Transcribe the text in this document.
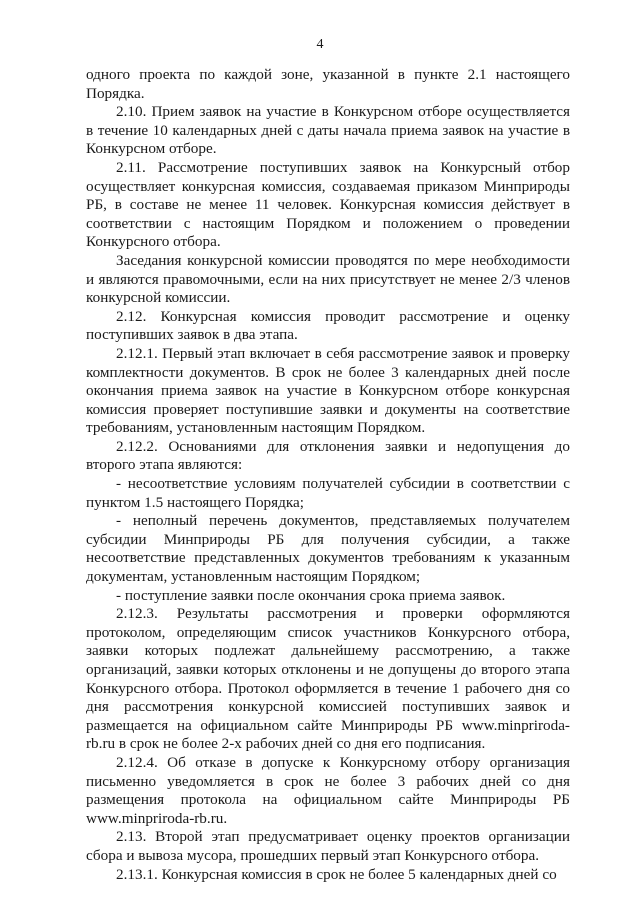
4

одного проекта по каждой зоне, указанной в пункте 2.1 настоящего Порядка.

2.10. Прием заявок на участие в Конкурсном отборе осуществляется в течение 10 календарных дней с даты начала приема заявок на участие в Конкурсном отборе.

2.11. Рассмотрение поступивших заявок на Конкурсный отбор осуществляет конкурсная комиссия, создаваемая приказом Минприроды РБ, в составе не менее 11 человек. Конкурсная комиссия действует в соответствии с настоящим Порядком и положением о проведении Конкурсного отбора.

Заседания конкурсной комиссии проводятся по мере необходимости и являются правомочными, если на них присутствует не менее 2/3 членов конкурсной комиссии.

2.12. Конкурсная комиссия проводит рассмотрение и оценку поступивших заявок в два этапа.

2.12.1. Первый этап включает в себя рассмотрение заявок и проверку комплектности документов. В срок не более 3 календарных дней после окончания приема заявок на участие в Конкурсном отборе конкурсная комиссия проверяет поступившие заявки и документы на соответствие требованиям, установленным настоящим Порядком.

2.12.2. Основаниями для отклонения заявки и недопущения до второго этапа являются:

- несоответствие условиям получателей субсидии в соответствии с пунктом 1.5 настоящего Порядка;

- неполный перечень документов, представляемых получателем субсидии Минприроды РБ для получения субсидии, а также несоответствие представленных документов требованиям к указанным документам, установленным настоящим Порядком;

- поступление заявки после окончания срока приема заявок.

2.12.3. Результаты рассмотрения и проверки оформляются протоколом, определяющим список участников Конкурсного отбора, заявки которых подлежат дальнейшему рассмотрению, а также организаций, заявки которых отклонены и не допущены до второго этапа Конкурсного отбора. Протокол оформляется в течение 1 рабочего дня со дня рассмотрения конкурсной комиссией поступивших заявок и размещается на официальном сайте Минприроды РБ www.minpriroda-rb.ru в срок не более 2-х рабочих дней со дня его подписания.

2.12.4. Об отказе в допуске к Конкурсному отбору организация письменно уведомляется в срок не более 3 рабочих дней со дня размещения протокола на официальном сайте Минприроды РБ www.minpriroda-rb.ru.

2.13. Второй этап предусматривает оценку проектов организации сбора и вывоза мусора, прошедших первый этап Конкурсного отбора.

2.13.1. Конкурсная комиссия в срок не более 5 календарных дней со
